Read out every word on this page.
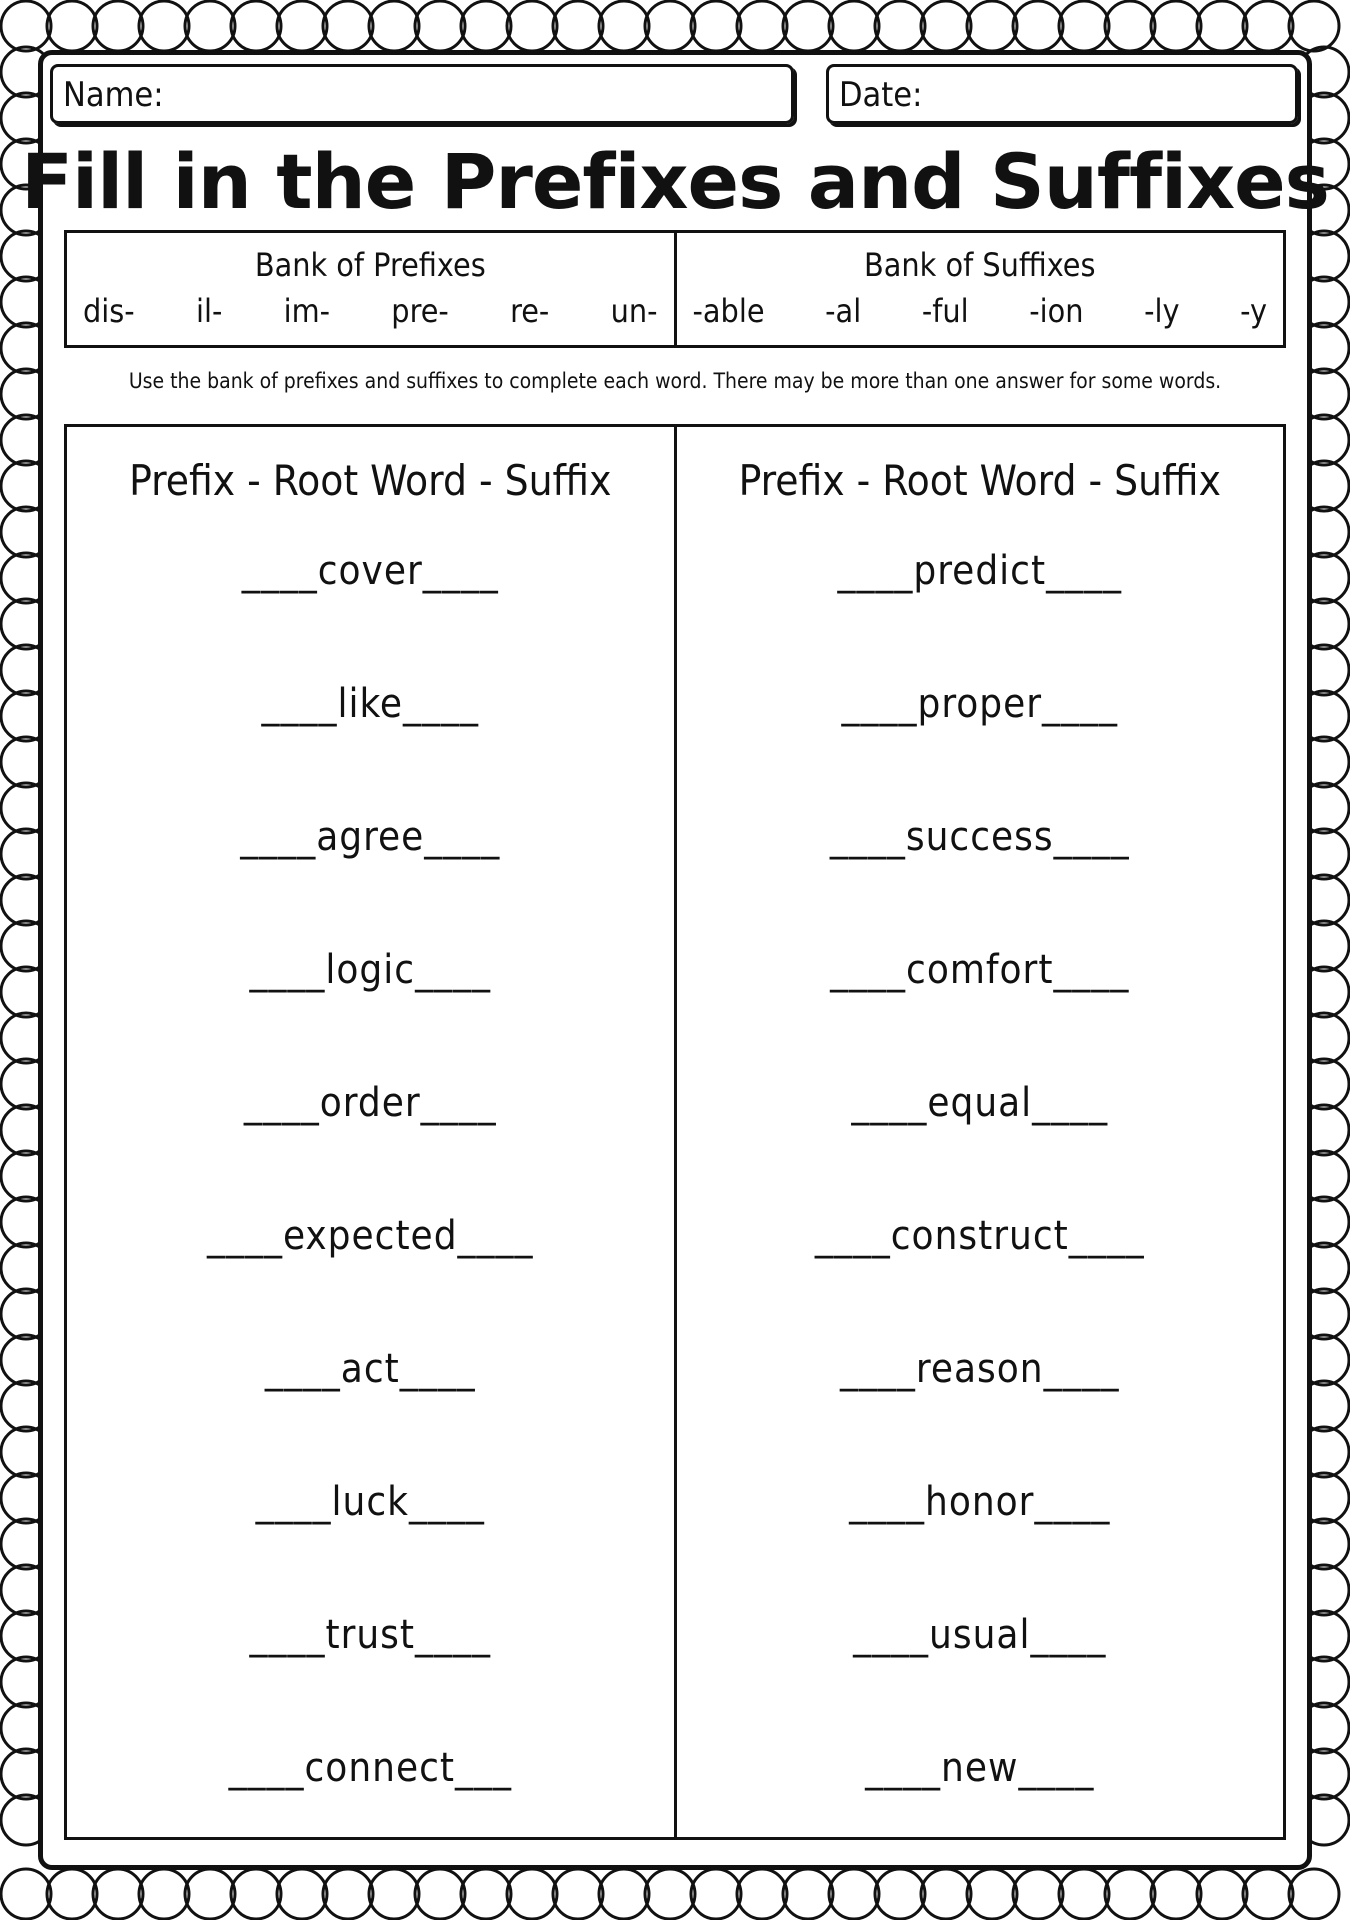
Name:	Date:
Fill in the Prefixes and Suffixes
Bank of Prefixes
dis- il- im- pre- re- un-
Bank of Suffixes
-able -al -ful -ion -ly -y
Use the bank of prefixes and suffixes to complete each word. There may be more than one answer for some words.
Prefix - Root Word - Suffix
____cover____
____like____
____agree____
____logic____
____order____
____expected____
____act____
____luck____
____trust____
____connect___
Prefix - Root Word - Suffix
____predict____
____proper____
____success____
____comfort____
____equal____
____construct____
____reason____
____honor____
____usual____
____new____
